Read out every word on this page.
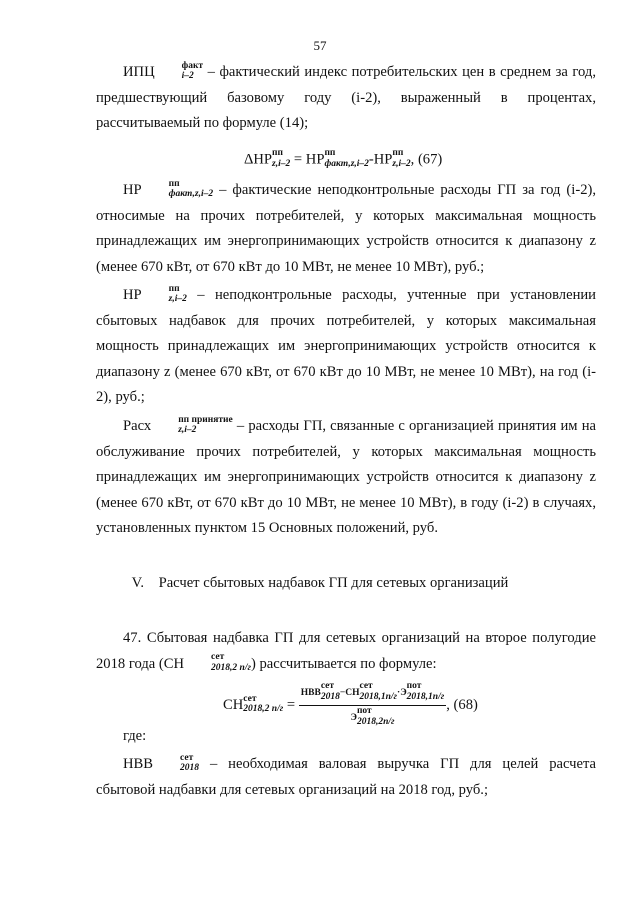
57
ИПЦ	факт
i–2 – фактический индекс потребительских цен в среднем за год, предшествующий базовому году (i-2), выраженный в процентах, рассчитываемый по формуле (14);
ΔНР пп
z,i–2 = НР пп
факт,z,i–2 -НР пп
z,i–2 , (67)
НР	пп
факт,z,i–2 – фактические неподконтрольные расходы ГП за год (i-2), относимые на прочих потребителей, у которых максимальная мощность принадлежащих им энергопринимающих устройств относится к диапазону z (менее 670 кВт, от 670 кВт до 10 МВт, не менее 10 МВт), руб.;
НР	пп
z,i–2 – неподконтрольные расходы, учтенные при установлении сбытовых надбавок для прочих потребителей, у которых максимальная мощность принадлежащих им энергопринимающих устройств относится к диапазону z (менее 670 кВт, от 670 кВт до 10 МВт, не менее 10 МВт), на год (i-2), руб.;
Расх	пп принятие
z,i–2	– расходы ГП, связанные с организацией принятия им на обслуживание прочих потребителей, у которых максимальная мощность принадлежащих им энергопринимающих устройств относится к диапазону z (менее 670 кВт, от 670 кВт до 10 МВт, не менее 10 МВт), в году (i-2) в случаях, установленных пунктом 15 Основных положений, руб.
V. Расчет сбытовых надбавок ГП для сетевых организаций
47. Сбытовая надбавка ГП для сетевых организаций на второе полугодие 2018 года (СН	сет
2018,2 п/г ) рассчитывается по формуле:
СН сет
2018,2 п/г = НВВ
сет
2018 −СН
сет
2018,1п/г ·Э
пот
2018,1п/г
Э
пот
2018,2п/г , (68)
где:
НВВ	сет
2018 – необходимая валовая выручка ГП для целей расчета сбытовой надбавки для сетевых организаций на 2018 год, руб.;
